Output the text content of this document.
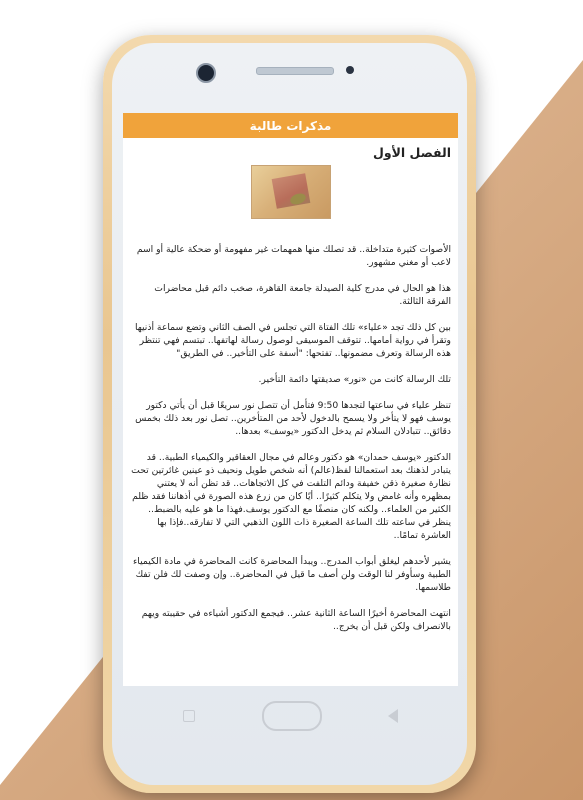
مذكرات طالبة
الفصل الأول

الأصوات كثيرة متداخلة.. قد تصلك منها همهمات غير مفهومة أو ضحكة عالية أو اسم لاعب أو مغني مشهور.

هذا هو الحال في مدرج كلية الصيدلة جامعة القاهرة، صخب دائم قبل محاضرات الفرقة الثالثة.

بين كل ذلك تجد «علياء» تلك الفتاة التي تجلس في الصف الثاني وتضع سماعة أذنيها وتقرأ في رواية أمامها.. تتوقف الموسيقى لوصول رسالة لهاتفها.. تبتسم فهي تنتظر هذه الرسالة وتعرف مضمونها.. تفتحها: "أسفة على التأخير.. في الطريق"

تلك الرسالة كانت من «نور» صديقتها دائمة التأخير.

تنظر علياء في ساعتها لتجدها 9:50 فتأمل أن تتصل نور سريعًا قبل أن يأتي دكتور يوسف فهو لا يتأخر ولا يسمح بالدخول لأحد من المتأخرين.. تصل نور بعد ذلك بخمس دقائق.. تتبادلان السلام ثم يدخل الدكتور «يوسف» بعدها..

الدكتور «يوسف حمدان» هو دكتور وعالم في مجال العقاقير والكيمياء الطبية.. قد يتبادر لذهنك بعد استعمالنا لفظ(عالم) أنه شخص طويل ونحيف ذو عينين غائرتين تحت نظارة صغيرة ذقن خفيفة ودائم التلفت في كل الاتجاهات.. قد تظن أنه لا يعتني بمظهره وأنه غامض ولا يتكلم كثيرًا.. أيًا كان من زرع هذه الصورة في أذهاننا فقد ظلم الكثير من العلماء.. ولكنه كان منصفًا مع الدكتور يوسف.فهذا ما هو عليه بالضبط.. ينظر في ساعته تلك الساعة الصغيرة ذات اللون الذهبي التي لا تفارقه..فإذا بها العاشرة تمامًا..

يشير لأحدهم ليغلق أبواب المدرج.. ويبدأ المحاضرة كانت المحاضرة في مادة الكيمياء الطبية وسأوفر لنا الوقت ولن أصف ما قيل في المحاضرة.. وإن وصفت لك فلن تفك طلاسمها.

انتهت المحاضرة أخيرًا الساعة الثانية عشر.. فيجمع الدكتور أشياءه في حقيبته ويهم بالانصراف ولكن قبل أن يخرج..
